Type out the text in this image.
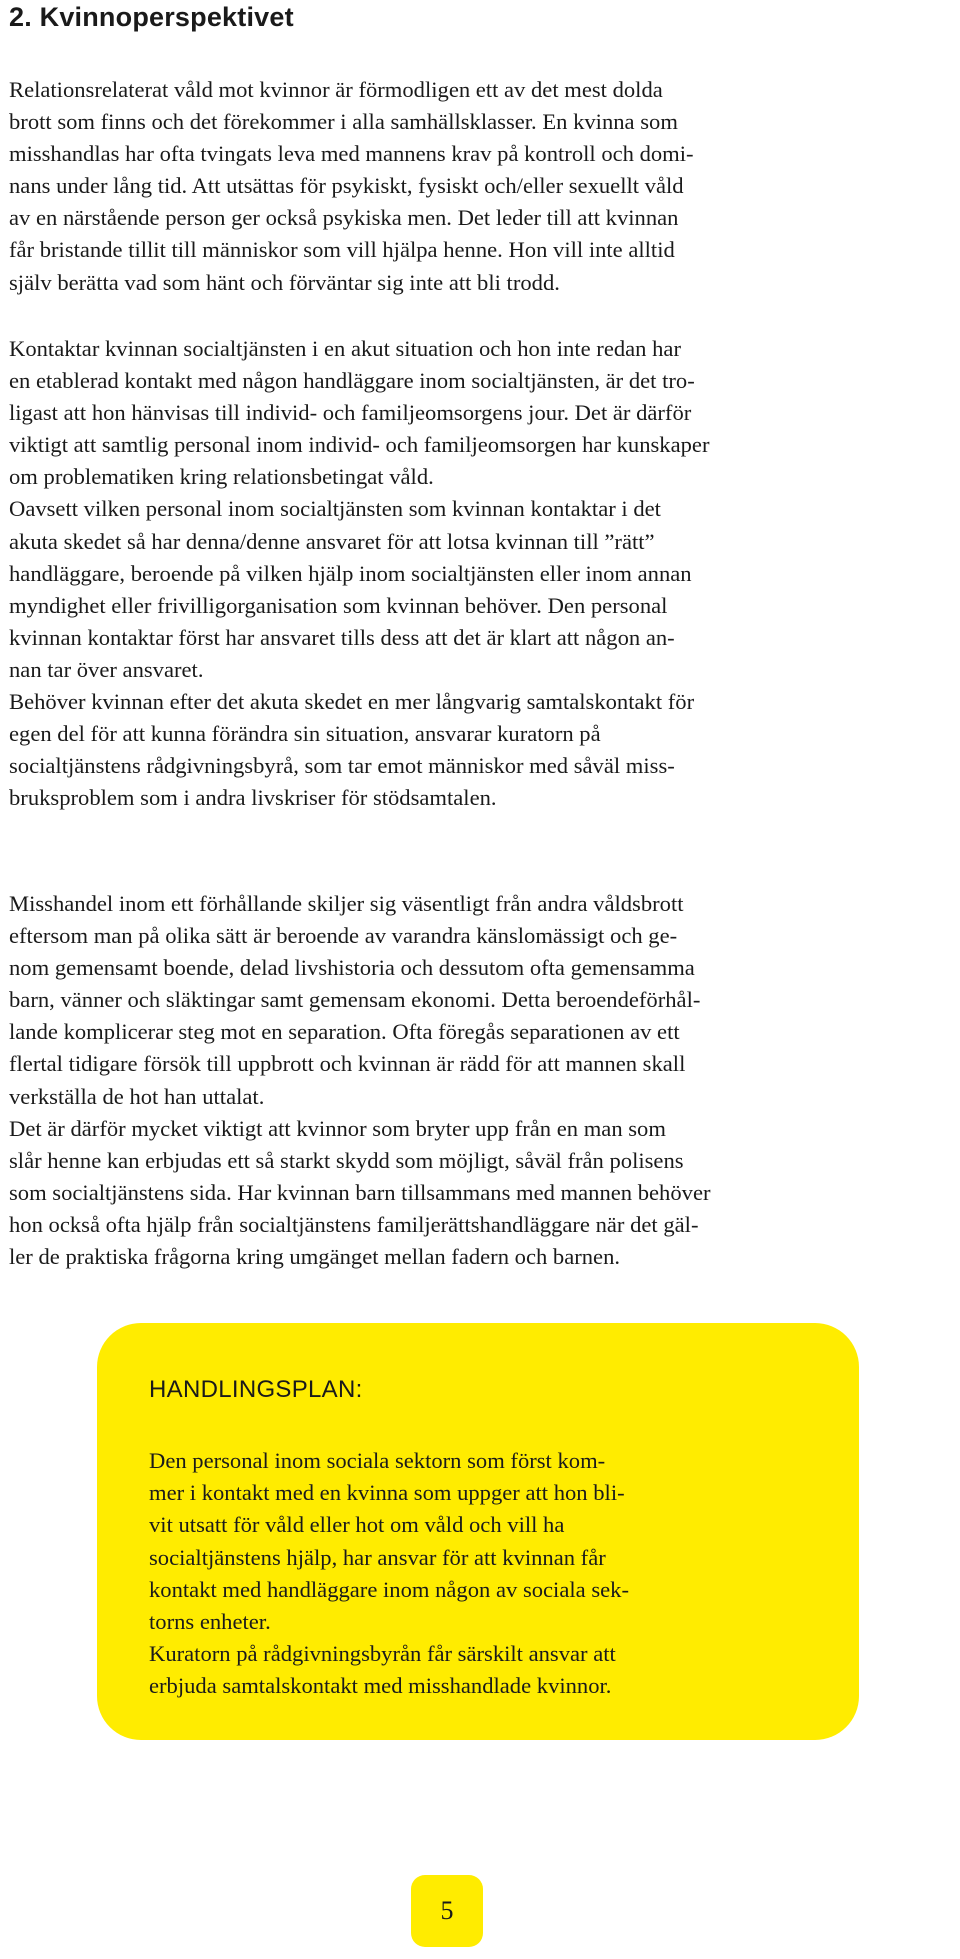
2. Kvinnoperspektivet

Relationsrelaterat våld mot kvinnor är förmodligen ett av det mest dolda
brott som finns och det förekommer i alla samhällsklasser. En kvinna som
misshandlas har ofta tvingats leva med mannens krav på kontroll och domi-
nans under lång tid. Att utsättas för psykiskt, fysiskt och/eller sexuellt våld
av en närstående person ger också psykiska men. Det leder till att kvinnan
får bristande tillit till människor som vill hjälpa henne. Hon vill inte alltid
själv berätta vad som hänt och förväntar sig inte att bli trodd.

Kontaktar kvinnan socialtjänsten i en akut situation och hon inte redan har
en etablerad kontakt med någon handläggare inom socialtjänsten, är det tro-
ligast att hon hänvisas till individ- och familjeomsorgens jour. Det är därför
viktigt att samtlig personal inom individ- och familjeomsorgen har kunskaper
om problematiken kring relationsbetingat våld.

Oavsett vilken personal inom socialtjänsten som kvinnan kontaktar i det
akuta skedet så har denna/denne ansvaret för att lotsa kvinnan till ”rätt”
handläggare, beroende på vilken hjälp inom socialtjänsten eller inom annan
myndighet eller frivilligorganisation som kvinnan behöver. Den personal
kvinnan kontaktar först har ansvaret tills dess att det är klart att någon an-
nan tar över ansvaret.

Behöver kvinnan efter det akuta skedet en mer långvarig samtalskontakt för
egen del för att kunna förändra sin situation, ansvarar kuratorn på
socialtjänstens rådgivningsbyrå, som tar emot människor med såväl miss-
bruksproblem som i andra livskriser för stödsamtalen.

Misshandel inom ett förhållande skiljer sig väsentligt från andra våldsbrott
eftersom man på olika sätt är beroende av varandra känslomässigt och ge-
nom gemensamt boende, delad livshistoria och dessutom ofta gemensamma
barn, vänner och släktingar samt gemensam ekonomi. Detta beroendeförhål-
lande komplicerar steg mot en separation. Ofta föregås separationen av ett
flertal tidigare försök till uppbrott och kvinnan är rädd för att mannen skall
verkställa de hot han uttalat.

Det är därför mycket viktigt att kvinnor som bryter upp från en man som
slår henne kan erbjudas ett så starkt skydd som möjligt, såväl från polisens
som socialtjänstens sida. Har kvinnan barn tillsammans med mannen behöver
hon också ofta hjälp från socialtjänstens familjerättshandläggare när det gäl-
ler de praktiska frågorna kring umgänget mellan fadern och barnen.

HANDLINGSPLAN:

Den personal inom sociala sektorn som först kom-
mer i kontakt med en kvinna som uppger att hon bli-
vit utsatt för våld eller hot om våld och vill ha
socialtjänstens hjälp, har ansvar för att kvinnan får
kontakt med handläggare inom någon av sociala sek-
torns enheter.

Kuratorn på rådgivningsbyrån får särskilt ansvar att
erbjuda samtalskontakt med misshandlade kvinnor.

5
